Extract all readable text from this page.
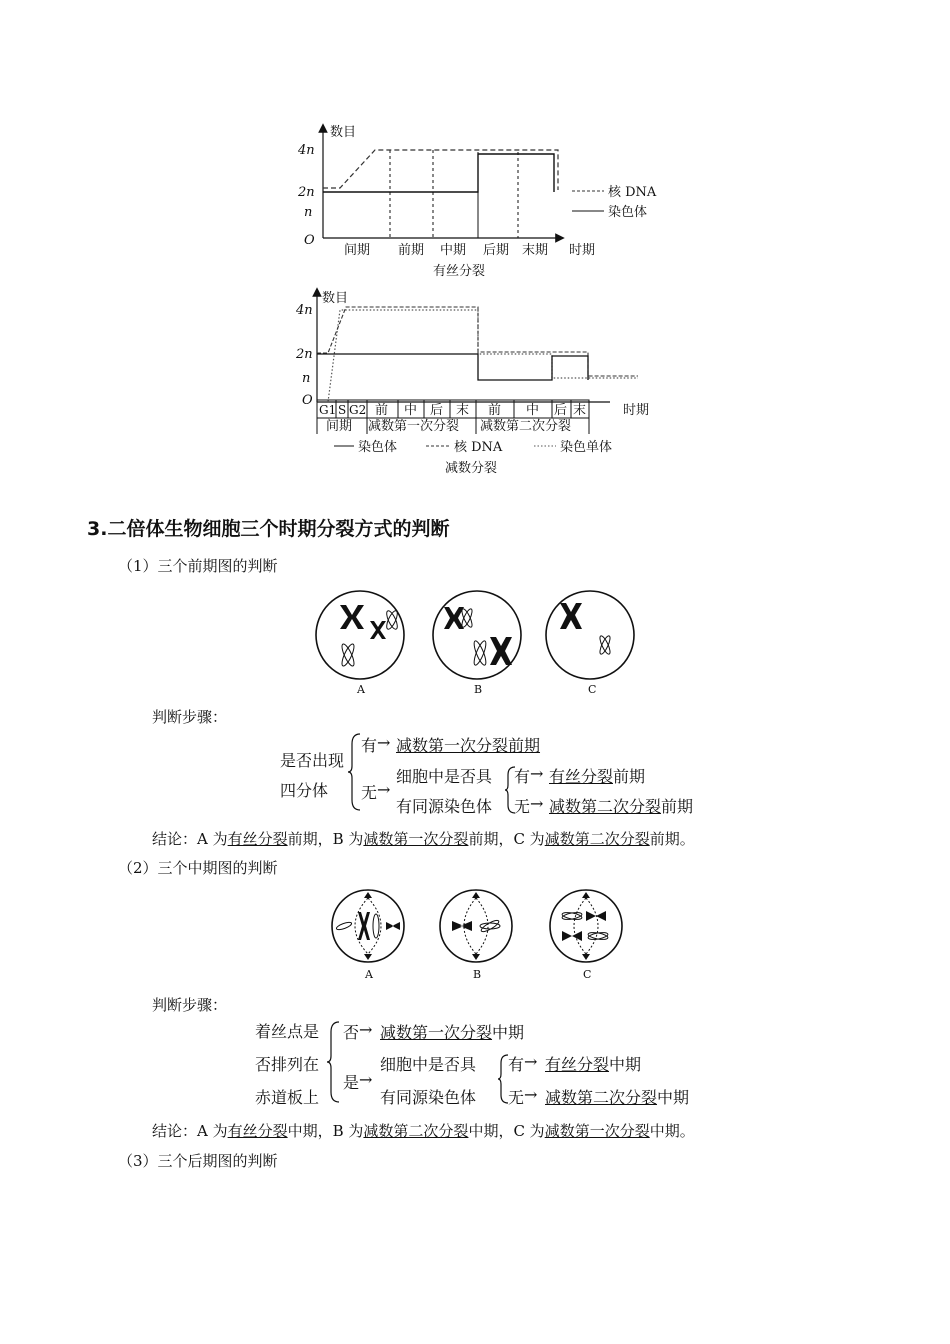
数目
4n
2n
n
O
间期 前期 中期 后期 末期 时期
有丝分裂
核 DNA
染色体
数目
4n
2n
n
O
G1 S G2 前 中 后 末 前 中 后 末	时期
间期 减数第一次分裂 减数第二次分裂
染色体	核 DNA	染色单体
减数分裂
3.二倍体生物细胞三个时期分裂方式的判断
（1）三个前期图的判断
A	B	C
判断步骤：
是否出现
四分体
有 → 减数第一次分裂前期
无 →
细胞中是否具
有同源染色体
有 → 有丝分裂前期
无 → 减数第二次分裂前期
结论：A 为有丝分裂前期，B 为减数第一次分裂前期，C 为减数第二次分裂前期。
（2）三个中期图的判断
A	B	C
判断步骤：
着丝点是
否排列在
赤道板上
否 → 减数第一次分裂中期
是 →
细胞中是否具
有同源染色体
有 → 有丝分裂中期
无 → 减数第二次分裂中期
结论：A 为有丝分裂中期，B 为减数第二次分裂中期，C 为减数第一次分裂中期。
（3）三个后期图的判断
